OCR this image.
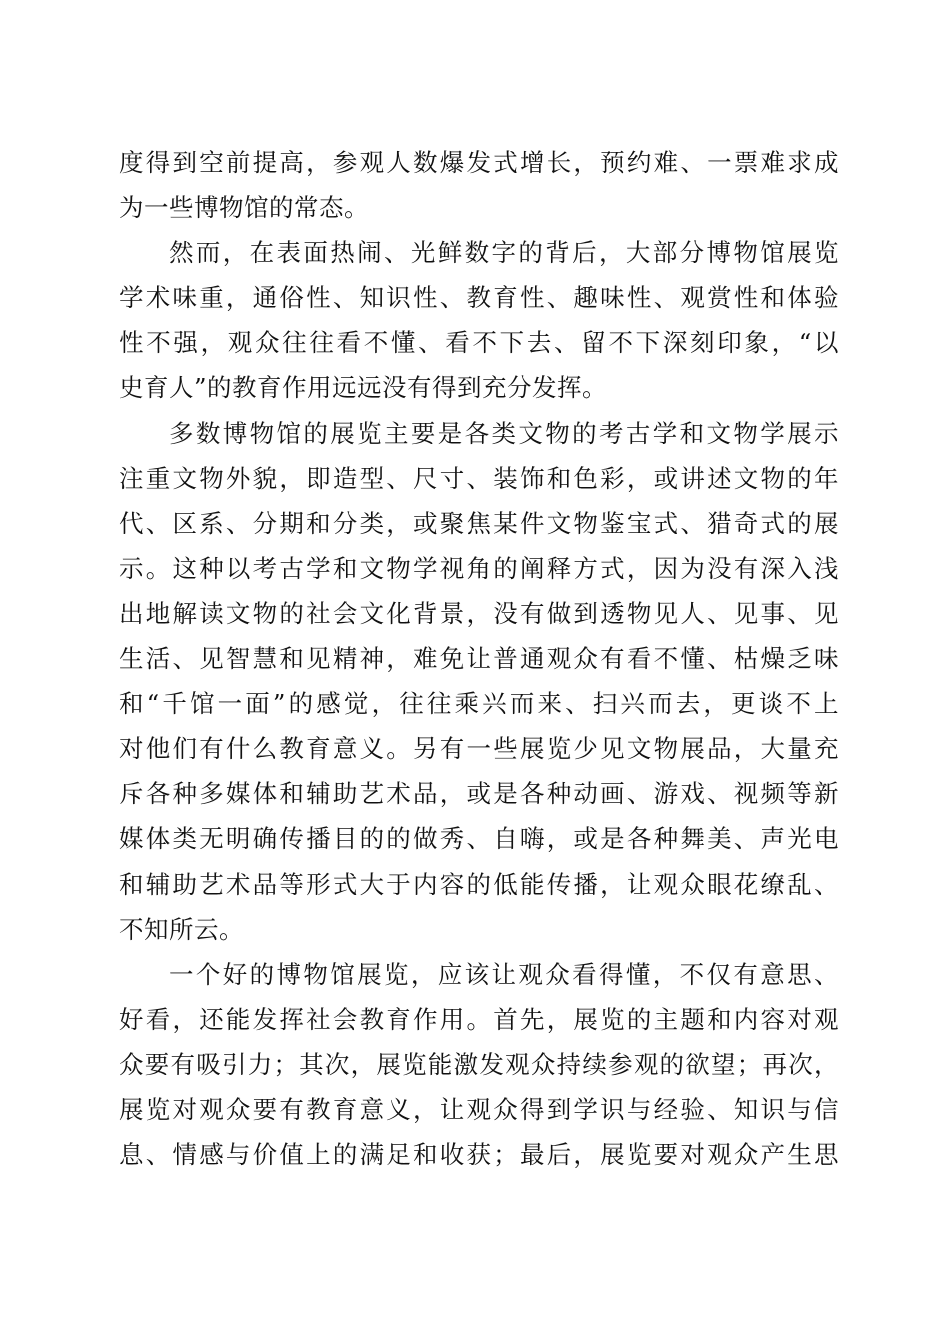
度得到空前提高，参观人数爆发式增长，预约难、一票难求成
为一些博物馆的常态。
然而，在表面热闹、光鲜数字的背后，大部分博物馆展览
学术味重，通俗性、知识性、教育性、趣味性、观赏性和体验
性不强，观众往往看不懂、看不下去、留不下深刻印象，“以
史育人”的教育作用远远没有得到充分发挥。
多数博物馆的展览主要是各类文物的考古学和文物学展示
注重文物外貌，即造型、尺寸、装饰和色彩，或讲述文物的年
代、区系、分期和分类，或聚焦某件文物鉴宝式、猎奇式的展
示。这种以考古学和文物学视角的阐释方式，因为没有深入浅
出地解读文物的社会文化背景，没有做到透物见人、见事、见
生活、见智慧和见精神，难免让普通观众有看不懂、枯燥乏味
和“千馆一面”的感觉，往往乘兴而来、扫兴而去，更谈不上
对他们有什么教育意义。另有一些展览少见文物展品，大量充
斥各种多媒体和辅助艺术品，或是各种动画、游戏、视频等新
媒体类无明确传播目的的做秀、自嗨，或是各种舞美、声光电
和辅助艺术品等形式大于内容的低能传播，让观众眼花缭乱、
不知所云。
一个好的博物馆展览，应该让观众看得懂，不仅有意思、
好看，还能发挥社会教育作用。首先，展览的主题和内容对观
众要有吸引力；其次，展览能激发观众持续参观的欲望；再次，
展览对观众要有教育意义，让观众得到学识与经验、知识与信
息、情感与价值上的满足和收获；最后，展览要对观众产生思
